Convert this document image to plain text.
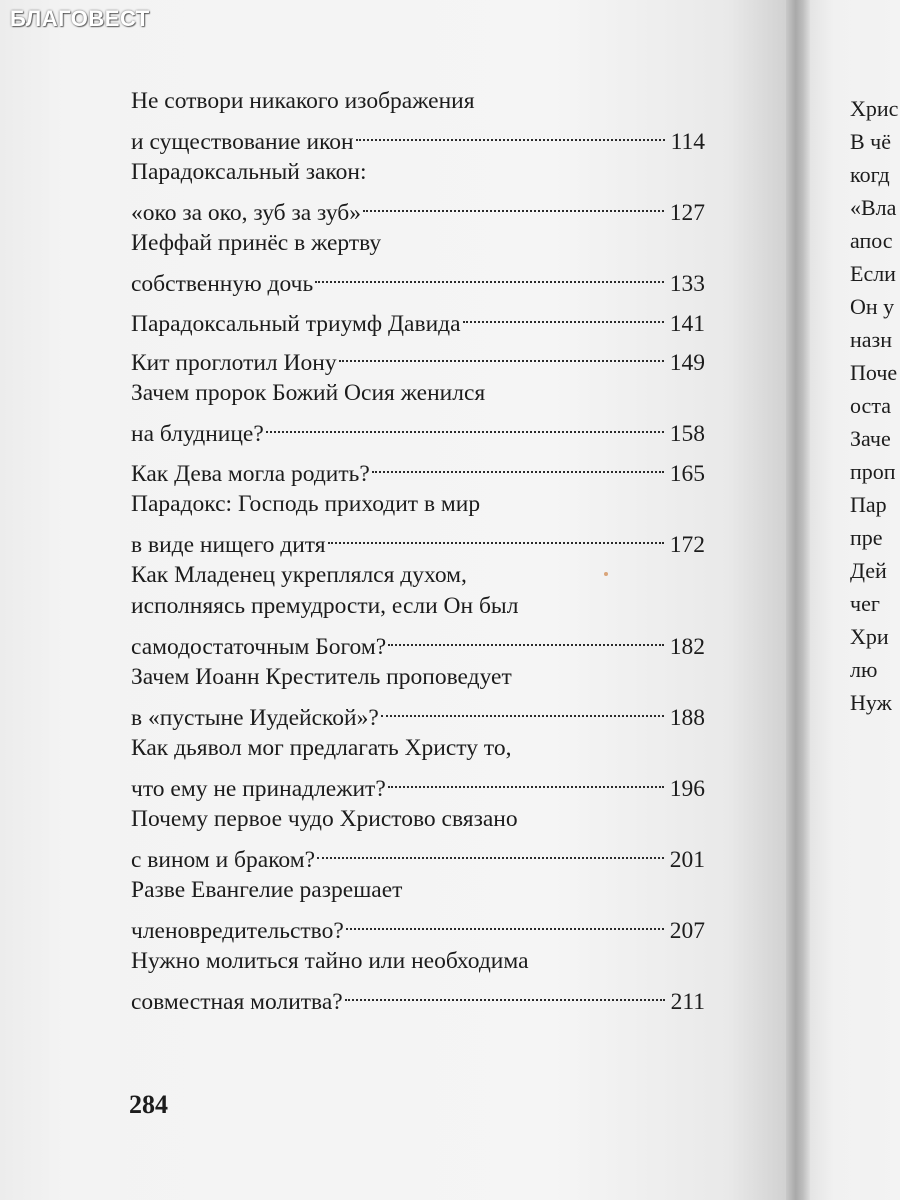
Не сотвори никакого изображения
и существование икон	114
Парадоксальный закон:
«око за око, зуб за зуб»	127
Иеффай принёс в жертву
собственную дочь	133
Парадоксальный триумф Давида	141
Кит проглотил Иону	149
Зачем пророк Божий Осия женился
на блуднице?	158
Как Дева могла родить?	165
Парадокс: Господь приходит в мир
в виде нищего дитя	172
Как Младенец укреплялся духом,
исполняясь премудрости, если Он был
самодостаточным Богом?	182
Зачем Иоанн Креститель проповедует
в «пустыне Иудейской»?	188
Как дьявол мог предлагать Христу то,
что ему не принадлежит?	196
Почему первое чудо Христово связано
с вином и браком?	201
Разве Евангелие разрешает
членовредительство?	207
Нужно молиться тайно или необходима
совместная молитва?	211
284
Хрис
В чё
когд
«Вла
апос
Если
Он у
назн
Поче
оста
Заче
проп
Пар
пре
Дей
чег
Хри
лю
Нуж
БЛАГОВЕСТ
